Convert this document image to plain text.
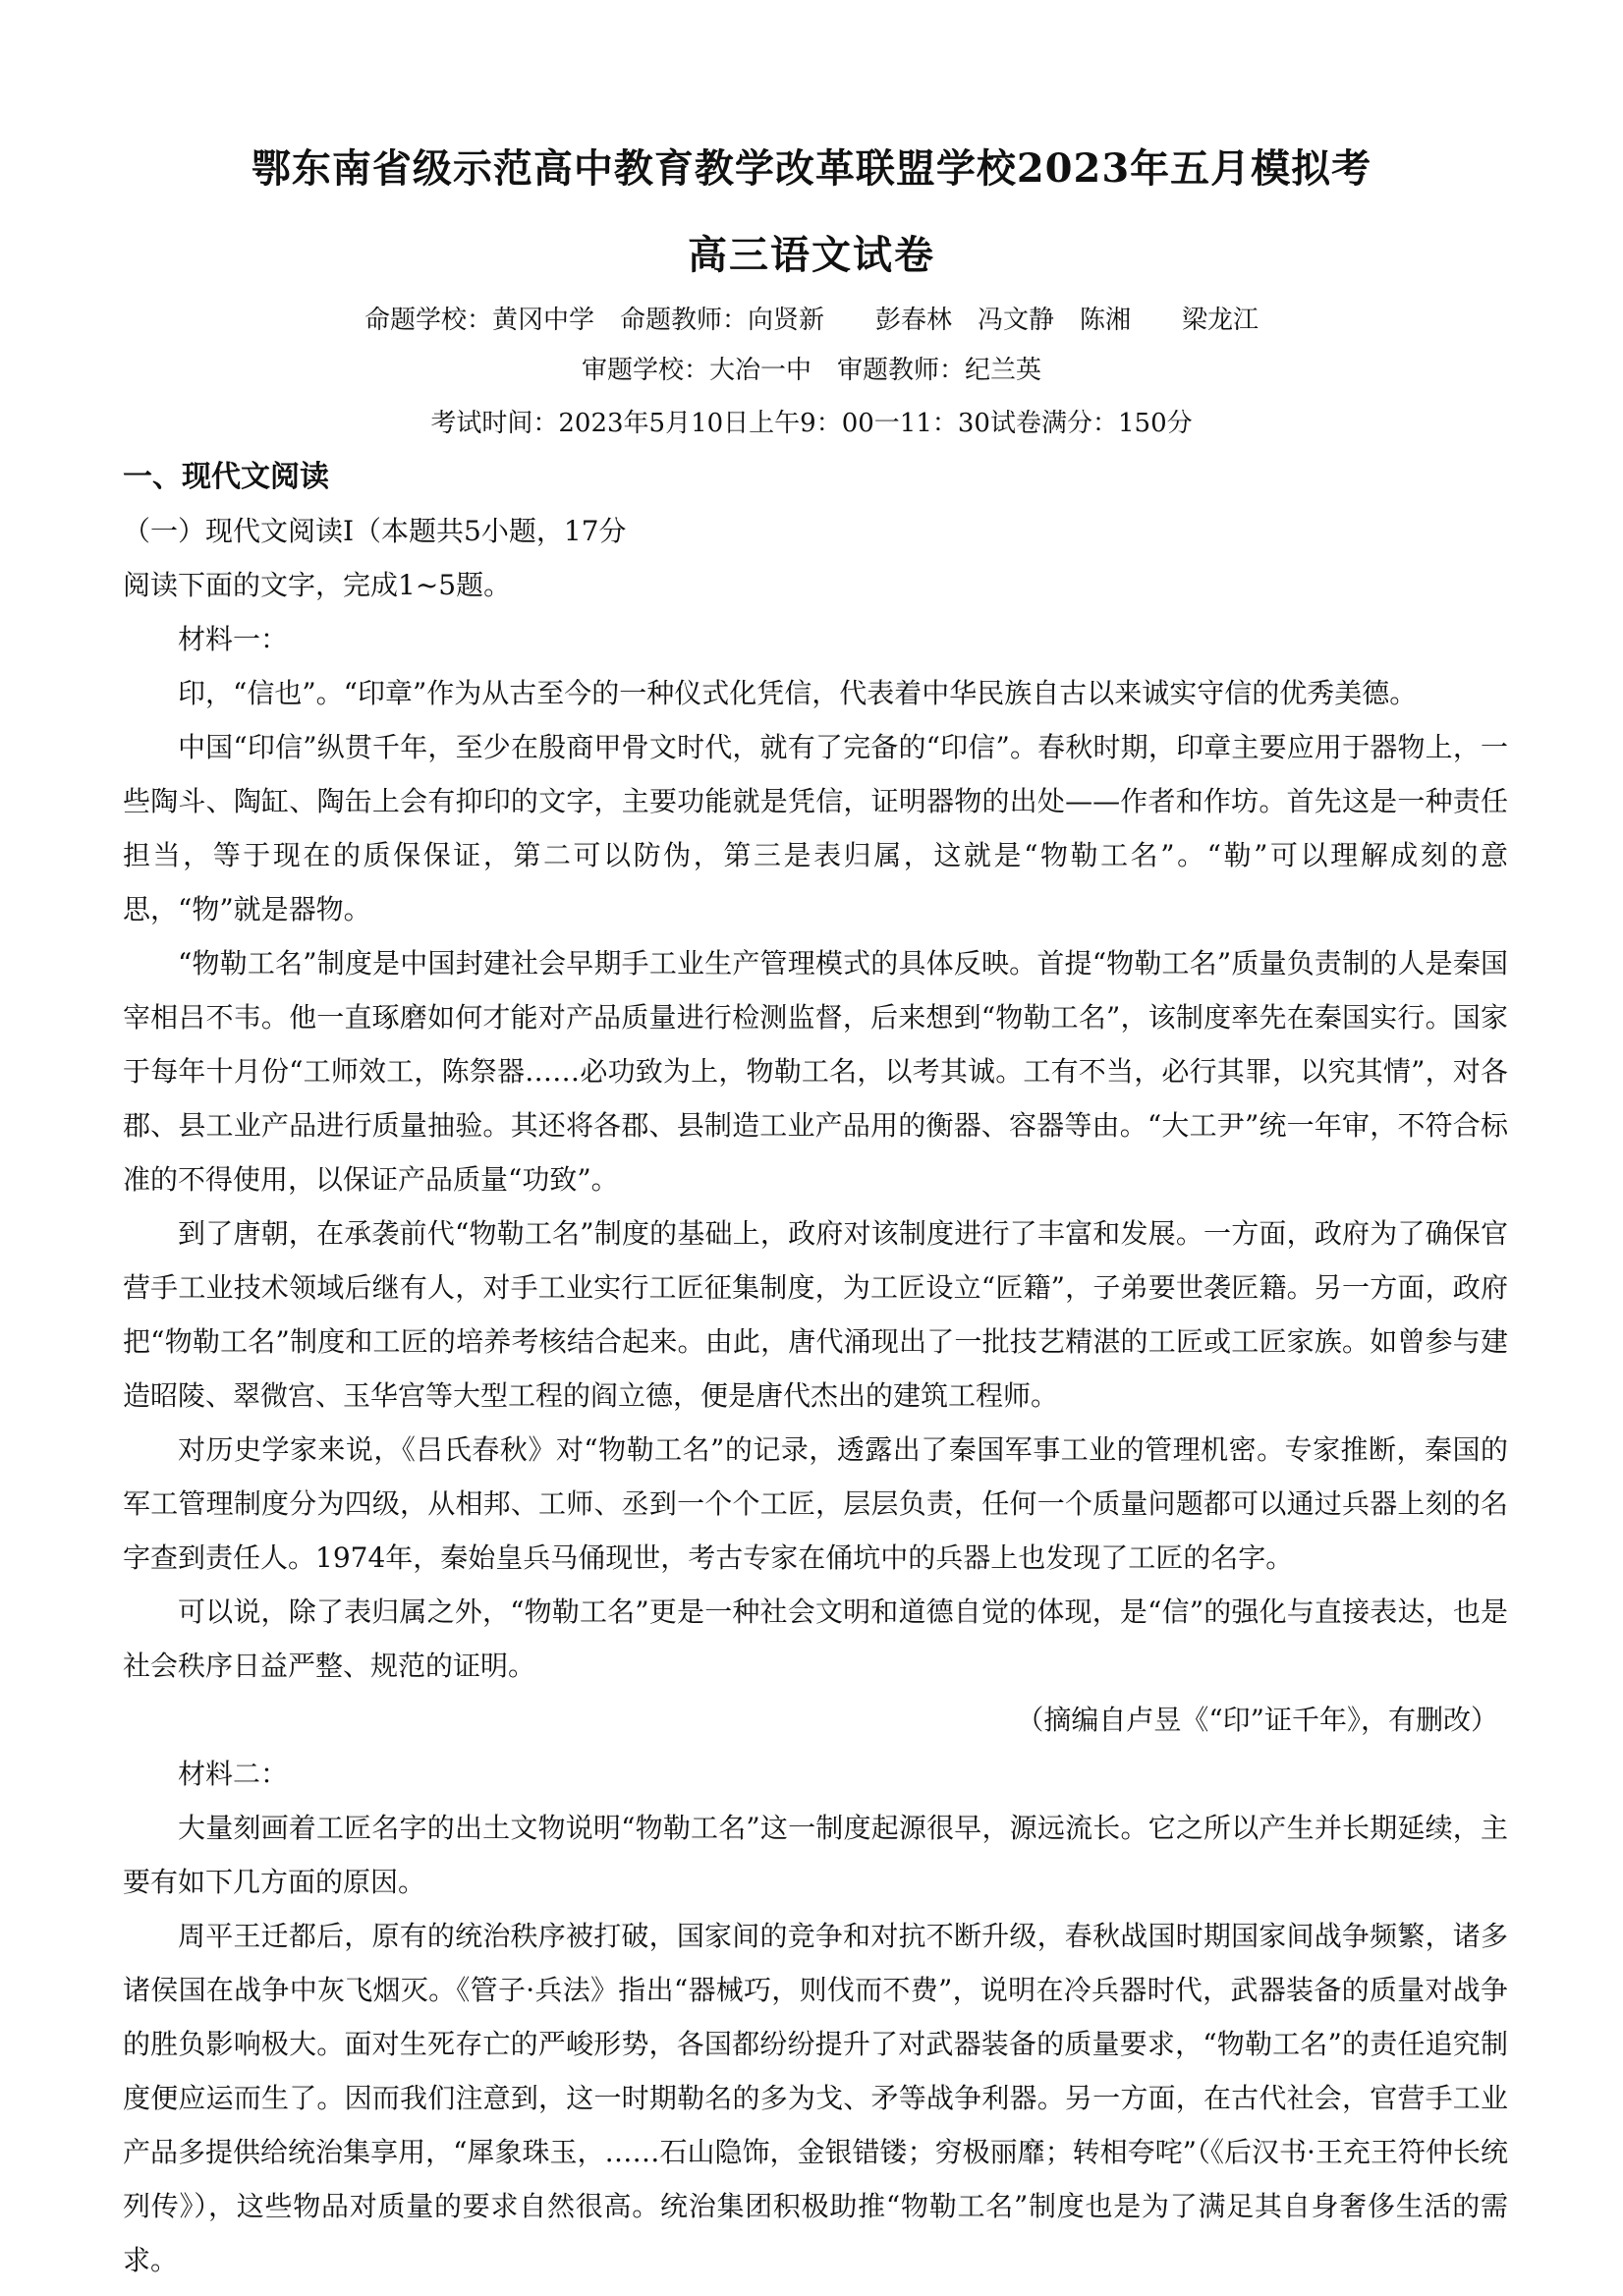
鄂东南省级示范高中教育教学改革联盟学校2023年五月模拟考
高三语文试卷
命题学校：黄冈中学　命题教师：向贤新　　彭春林　冯文静　陈湘　　梁龙江
审题学校：大冶一中　审题教师：纪兰英
考试时间：2023年5月10日上午9：00一11：30试卷满分：150分

一、现代文阅读

（一）现代文阅读Ⅰ（本题共5小题，17分

阅读下面的文字，完成1~5题。

材料一：

印，“信也”。“印章”作为从古至今的一种仪式化凭信，代表着中华民族自古以来诚实守信的优秀美德。

中国“印信”纵贯千年，至少在殷商甲骨文时代，就有了完备的“印信”。春秋时期，印章主要应用于器物上，一些陶斗、陶缸、陶缶上会有抑印的文字，主要功能就是凭信，证明器物的出处——作者和作坊。首先这是一种责任担当，等于现在的质保保证，第二可以防伪，第三是表归属，这就是“物勒工名”。“勒”可以理解成刻的意思，“物”就是器物。

“物勒工名”制度是中国封建社会早期手工业生产管理模式的具体反映。首提“物勒工名”质量负责制的人是秦国宰相吕不韦。他一直琢磨如何才能对产品质量进行检测监督，后来想到“物勒工名”，该制度率先在秦国实行。国家于每年十月份“工师效工，陈祭器……必功致为上，物勒工名，以考其诚。工有不当，必行其罪，以究其情”，对各郡、县工业产品进行质量抽验。其还将各郡、县制造工业产品用的衡器、容器等由。“大工尹”统一年审，不符合标准的不得使用，以保证产品质量“功致”。

到了唐朝，在承袭前代“物勒工名”制度的基础上，政府对该制度进行了丰富和发展。一方面，政府为了确保官营手工业技术领域后继有人，对手工业实行工匠征集制度，为工匠设立“匠籍”，子弟要世袭匠籍。另一方面，政府把“物勒工名”制度和工匠的培养考核结合起来。由此，唐代涌现出了一批技艺精湛的工匠或工匠家族。如曾参与建造昭陵、翠微宫、玉华宫等大型工程的阎立德，便是唐代杰出的建筑工程师。

对历史学家来说，《吕氏春秋》对“物勒工名”的记录，透露出了秦国军事工业的管理机密。专家推断，秦国的军工管理制度分为四级，从相邦、工师、丞到一个个工匠，层层负责，任何一个质量问题都可以通过兵器上刻的名字查到责任人。1974年，秦始皇兵马俑现世，考古专家在俑坑中的兵器上也发现了工匠的名字。

可以说，除了表归属之外，“物勒工名”更是一种社会文明和道德自觉的体现，是“信”的强化与直接表达，也是社会秩序日益严整、规范的证明。

（摘编自卢昱《“印”证千年》，有删改）

材料二：

大量刻画着工匠名字的出土文物说明“物勒工名”这一制度起源很早，源远流长。它之所以产生并长期延续，主要有如下几方面的原因。

周平王迁都后，原有的统治秩序被打破，国家间的竞争和对抗不断升级，春秋战国时期国家间战争频繁，诸多诸侯国在战争中灰飞烟灭。《管子·兵法》指出“器械巧，则伐而不费”，说明在冷兵器时代，武器装备的质量对战争的胜负影响极大。面对生死存亡的严峻形势，各国都纷纷提升了对武器装备的质量要求，“物勒工名”的责任追究制度便应运而生了。因而我们注意到，这一时期勒名的多为戈、矛等战争利器。另一方面，在古代社会，官营手工业产品多提供给统治集享用，“犀象珠玉，……石山隐饰，金银错镂；穷极丽靡；转相夸咤”（《后汉书·王充王符仲长统列传》），这些物品对质量的要求自然很高。统治集团积极助推“物勒工名”制度也是为了满足其自身奢侈生活的需求。
